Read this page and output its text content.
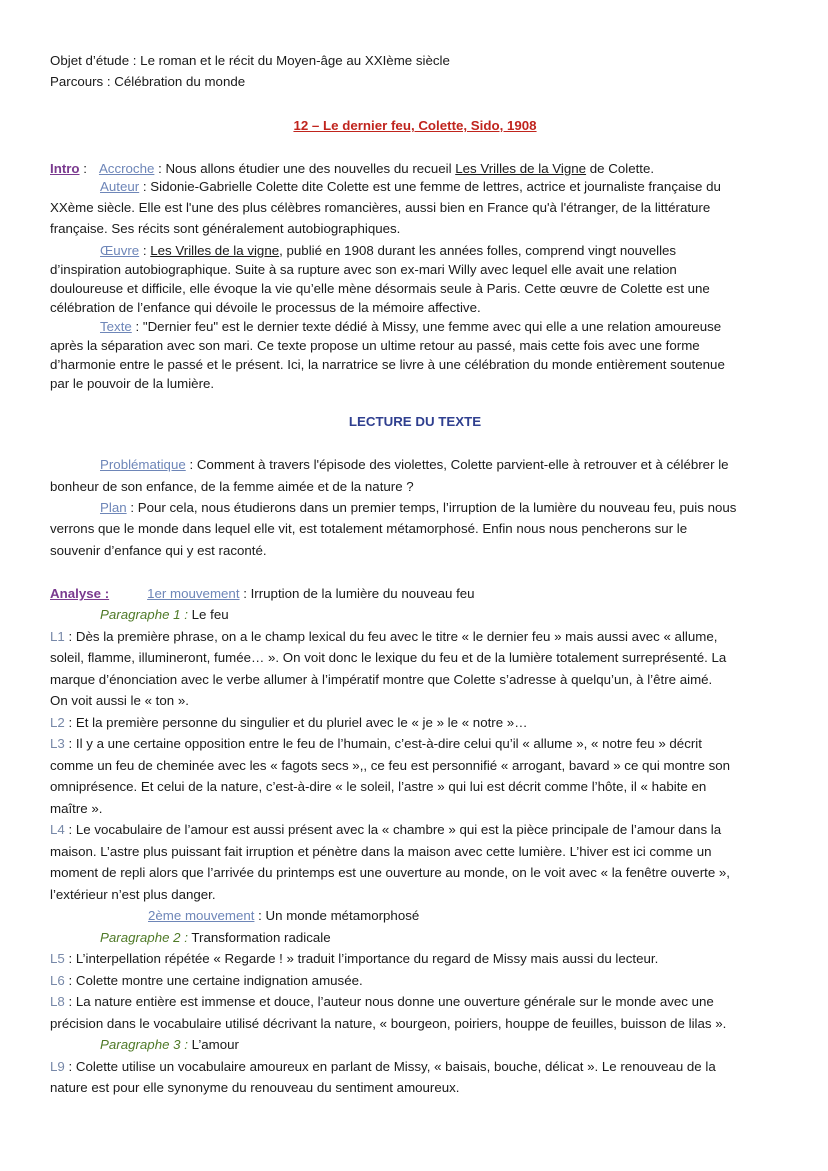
Objet d’étude : Le roman et le récit du Moyen-âge au XXIème siècle
Parcours : Célébration du monde
12 – Le dernier feu, Colette, Sido, 1908
Intro : Accroche : Nous allons étudier une des nouvelles du recueil Les Vrilles de la Vigne de Colette.
Auteur : Sidonie-Gabrielle Colette dite Colette est une femme de lettres, actrice et journaliste française du
XXème siècle. Elle est l'une des plus célèbres romancières, aussi bien en France qu'à l'étranger, de la littérature
française. Ses récits sont généralement autobiographiques.
Œuvre : Les Vrilles de la vigne, publié en 1908 durant les années folles, comprend vingt nouvelles
d’inspiration autobiographique. Suite à sa rupture avec son ex-mari Willy avec lequel elle avait une relation
douloureuse et difficile, elle évoque la vie qu’elle mène désormais seule à Paris. Cette œuvre de Colette est une
célébration de l’enfance qui dévoile le processus de la mémoire affective.
Texte : "Dernier feu" est le dernier texte dédié à Missy, une femme avec qui elle a une relation amoureuse
après la séparation avec son mari. Ce texte propose un ultime retour au passé, mais cette fois avec une forme
d’harmonie entre le passé et le présent. Ici, la narratrice se livre à une célébration du monde entièrement soutenue
par le pouvoir de la lumière.
LECTURE DU TEXTE
Problématique : Comment à travers l'épisode des violettes, Colette parvient-elle à retrouver et à célébrer le
bonheur de son enfance, de la femme aimée et de la nature ?
Plan : Pour cela, nous étudierons dans un premier temps, l’irruption de la lumière du nouveau feu, puis nous
verrons que le monde dans lequel elle vit, est totalement métamorphosé. Enfin nous nous pencherons sur le
souvenir d’enfance qui y est raconté.
Analyse :	1er mouvement : Irruption de la lumière du nouveau feu
Paragraphe 1 : Le feu
L1 : Dès la première phrase, on a le champ lexical du feu avec le titre « le dernier feu » mais aussi avec « allume,
soleil, flamme, illumineront, fumée… ». On voit donc le lexique du feu et de la lumière totalement surreprésenté. La
marque d’énonciation avec le verbe allumer à l’impératif montre que Colette s’adresse à quelqu’un, à l’être aimé.
On voit aussi le « ton ».
L2 : Et la première personne du singulier et du pluriel avec le « je » le « notre »…
L3 : Il y a une certaine opposition entre le feu de l’humain, c’est-à-dire celui qu’il « allume », « notre feu » décrit
comme un feu de cheminée avec les « fagots secs »,, ce feu est personnifié « arrogant, bavard » ce qui montre son
omniprésence. Et celui de la nature, c’est-à-dire « le soleil, l’astre » qui lui est décrit comme l’hôte, il « habite en
maître ».
L4 : Le vocabulaire de l’amour est aussi présent avec la « chambre » qui est la pièce principale de l’amour dans la
maison. L’astre plus puissant fait irruption et pénètre dans la maison avec cette lumière. L’hiver est ici comme un
moment de repli alors que l’arrivée du printemps est une ouverture au monde, on le voit avec « la fenêtre ouverte »,
l’extérieur n’est plus danger.
2ème mouvement : Un monde métamorphosé
Paragraphe 2 : Transformation radicale
L5 : L’interpellation répétée « Regarde ! » traduit l’importance du regard de Missy mais aussi du lecteur.
L6 : Colette montre une certaine indignation amusée.
L8 : La nature entière est immense et douce, l’auteur nous donne une ouverture générale sur le monde avec une
précision dans le vocabulaire utilisé décrivant la nature, « bourgeon, poiriers, houppe de feuilles, buisson de lilas ».
Paragraphe 3 : L’amour
L9 : Colette utilise un vocabulaire amoureux en parlant de Missy, « baisais, bouche, délicat ». Le renouveau de la
nature est pour elle synonyme du renouveau du sentiment amoureux.
